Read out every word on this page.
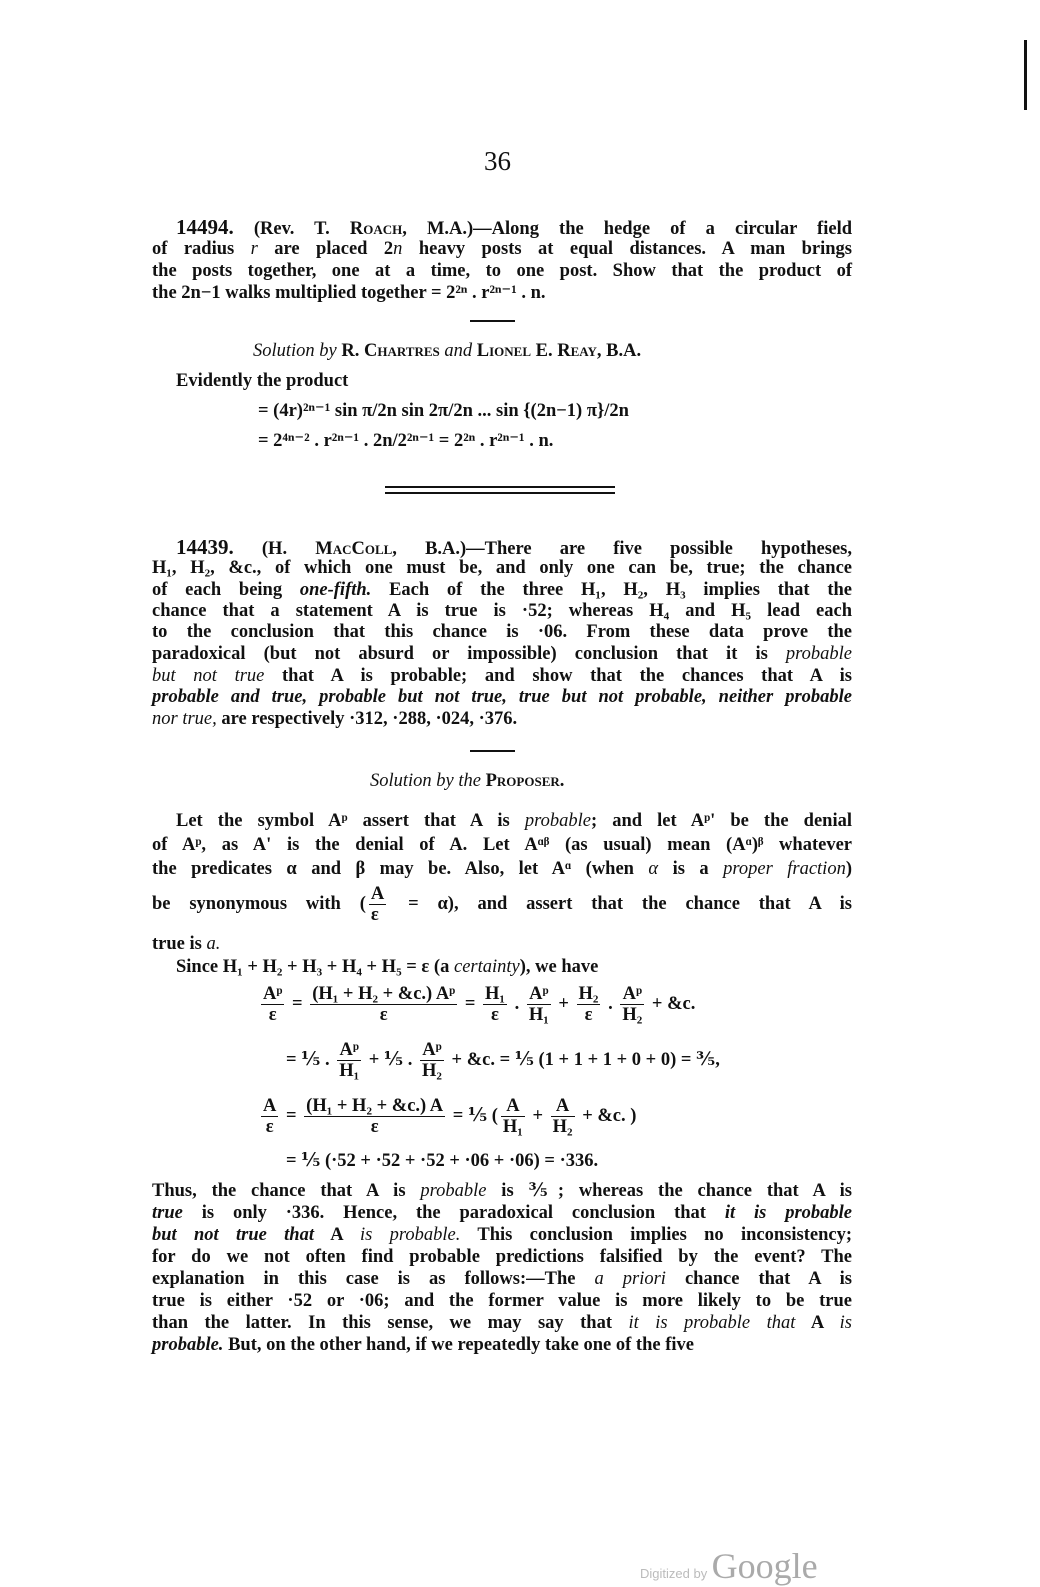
36
14494. (Rev. T. Roach, M.A.)—Along the hedge of a circular field
of radius r are placed 2n heavy posts at equal distances. A man brings
the posts together, one at a time, to one post. Show that the product of
the 2n−1 walks multiplied together = 2²ⁿ . r²ⁿ⁻¹ . n.
Solution by R. Chartres and Lionel E. Reay, B.A.
Evidently the product
= (4r)²ⁿ⁻¹ sin π/2n sin 2π/2n ... sin {(2n−1) π}/2n
= 2⁴ⁿ⁻² . r²ⁿ⁻¹ . 2n/2²ⁿ⁻¹ = 2²ⁿ . r²ⁿ⁻¹ . n.
14439. (H. MacColl, B.A.)—There are five possible hypotheses,
H₁, H₂, &c., of which one must be, and only one can be, true; the chance
of each being one-fifth. Each of the three H₁, H₂, H₃ implies that the
chance that a statement A is true is ·52; whereas H₄ and H₅ lead each
to the conclusion that this chance is ·06. From these data prove the
paradoxical (but not absurd or impossible) conclusion that it is probable
but not true that A is probable; and show that the chances that A is
probable and true, probable but not true, true but not probable, neither probable
nor true, are respectively ·312, ·288, ·024, ·376.
Solution by the Proposer.
Let the symbol Aᵖ assert that A is probable; and let Aᵖ' be the denial
of Aᵖ, as A' is the denial of A. Let Aᵅᵝ (as usual) mean (Aᵅ)ᵝ whatever
the predicates α and β may be. Also, let Aᵅ (when α is a proper fraction)
be synonymous with ( $\frac{A}{\varepsilon} = \alpha$), and assert that the chance that A is
true is a.
Since H₁ + H₂ + H₃ + H₄ + H₅ = ε (a certainty), we have
$\frac{\text{Aᵖ}}{\varepsilon} = \frac{\text{(H₁ + H₂ + \&c.) Aᵖ}}{\varepsilon} = \frac{\text{H₁}}{\varepsilon}$ . $\frac{\text{Aᵖ}}{\text{H₁}} + \frac{\text{H₂}}{\varepsilon}$ . $\frac{\text{Aᵖ}}{\text{H₂}}$ + &c.
= ⅕ . $\frac{\text{Aᵖ}}{\text{H₁}}$ + ⅕ . $\frac{\text{Aᵖ}}{\text{H₂}}$ + &c. = ⅕ (1 + 1 + 1 + 0 + 0) = ⅗,
$\frac{A}{\varepsilon} = \frac{\text{(H₁ + H₂ + \&c.) A}}{\varepsilon}$ = ⅕ ( $\frac{A}{\text{H₁}} + \frac{A}{\text{H₂}}$ + &c. )
= ⅕ (·52 + ·52 + ·52 + ·06 + ·06) = ·336.
Thus, the chance that A is probable is ⅗; whereas the chance that A is
true is only ·336. Hence, the paradoxical conclusion that it is probable
but not true that A is probable. This conclusion implies no inconsistency;
for do we not often find probable predictions falsified by the event? The
explanation in this case is as follows:—The a priori chance that A is
true is either ·52 or ·06; and the former value is more likely to be true
than the latter. In this sense, we may say that it is probable that A is
probable. But, on the other hand, if we repeatedly take one of the five
Digitized by Google
